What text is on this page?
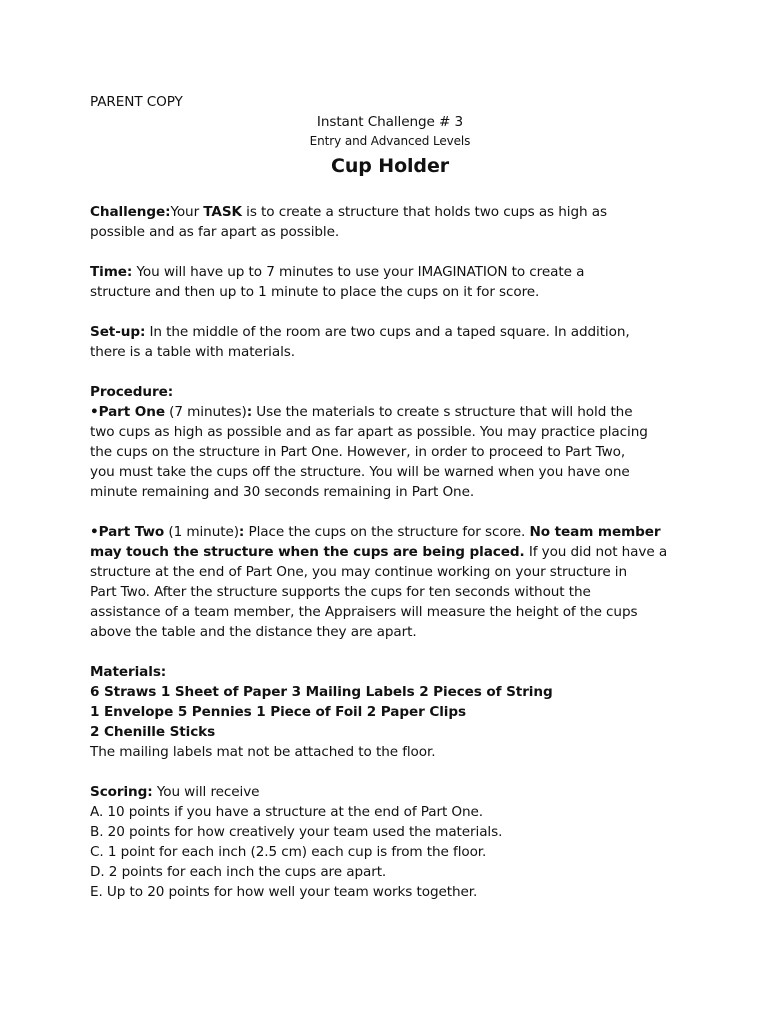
PARENT COPY
Instant Challenge # 3
Entry and Advanced Levels
Cup Holder
Challenge:Your TASK is to create a structure that holds two cups as high as
possible and as far apart as possible.
Time: You will have up to 7 minutes to use your IMAGINATION to create a
structure and then up to 1 minute to place the cups on it for score.
Set-up: In the middle of the room are two cups and a taped square. In addition,
there is a table with materials.
Procedure:
•Part One (7 minutes): Use the materials to create s structure that will hold the
two cups as high as possible and as far apart as possible. You may practice placing
the cups on the structure in Part One. However, in order to proceed to Part Two,
you must take the cups off the structure. You will be warned when you have one
minute remaining and 30 seconds remaining in Part One.
•Part Two (1 minute): Place the cups on the structure for score. No team member
may touch the structure when the cups are being placed. If you did not have a
structure at the end of Part One, you may continue working on your structure in
Part Two. After the structure supports the cups for ten seconds without the
assistance of a team member, the Appraisers will measure the height of the cups
above the table and the distance they are apart.
Materials:
6 Straws 1 Sheet of Paper 3 Mailing Labels 2 Pieces of String
1 Envelope 5 Pennies 1 Piece of Foil 2 Paper Clips
2 Chenille Sticks
The mailing labels mat not be attached to the floor.
Scoring: You will receive
A. 10 points if you have a structure at the end of Part One.
B. 20 points for how creatively your team used the materials.
C. 1 point for each inch (2.5 cm) each cup is from the floor.
D. 2 points for each inch the cups are apart.
E. Up to 20 points for how well your team works together.
